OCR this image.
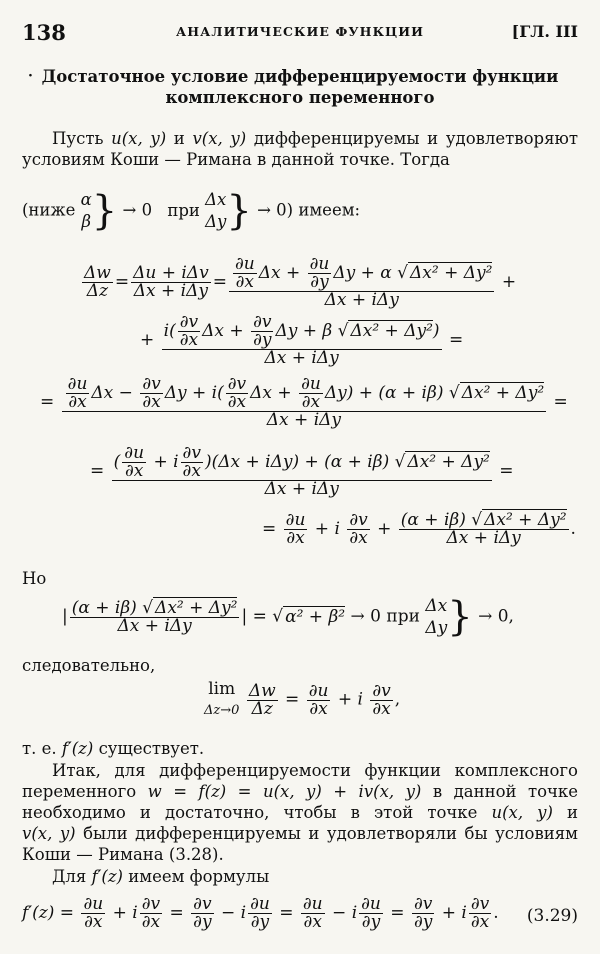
138	АНАЛИТИЧЕСКИЕ ФУНКЦИИ	[ГЛ. III
· Достаточное условие дифференцируемости функции
комплексного переменного
Пусть u(x, y) и v(x, y) дифференцируемы и удовлетворяют условиям Коши — Римана в данной точке. Тогда
(ниже
α
β } → 0 при
Δx
Δy } → 0) имеем:
$\frac{\Delta w}{\Delta z} = \frac{\text{Δu + iΔv}}{\text{Δx + iΔy}} = \frac{\frac{\partial u}{\partial x} \Delta x + \frac{\partial u}{\partial y} \Delta y + \alpha √ \Delta x^2 + \Delta y^2}{\text{Δx + iΔy}}$ +
+ $\frac{i( \frac{\partial v}{\partial x} \Delta x + \frac{\partial v}{\partial y} \Delta y + \beta √ \Delta x^2 + \Delta y^2)}{\text{Δx + iΔy}}$ =
= $\frac{\frac{\partial u}{\partial x} \Delta x - \frac{\partial v}{\partial x} \Delta y + i( \frac{\partial v}{\partial x} \Delta x + \frac{\partial u}{\partial x} \Delta y) + (\alpha + i\beta) √ \Delta x^2 + \Delta y^2}{\text{Δx + iΔy}}$ =
= $\frac{( \frac{\partial u}{\partial x} + i \frac{\partial v}{\partial x} )(\Delta x + i\Delta y) + (\alpha + i\beta) √ \Delta x^2 + \Delta y^2}{\text{Δx + iΔy}}$ =
= $\frac{\partial u}{\partial x} + i \frac{\partial v}{\partial x} + \frac{\text{(α + iβ) √ Δx² + Δy²}}{\text{Δx + iΔy}}$ .
Но
| $\frac{\text{(α + iβ) √ Δx² + Δy²}}{\text{Δx + iΔy}}$ | = √ α² + β² → 0 при
Δx
Δy } → 0,
следовательно,
lim
Δz→0
$\frac{\Delta w}{\Delta z} = \frac{\partial u}{\partial x} + i \frac{\partial v}{\partial x}$ ,
т. е. f′(z) существует.
Итак, для дифференцируемости функции комплексного
переменного w = f(z) = u(x, y) + iv(x, y) в данной точке
необходимо и достаточно, чтобы в этой точке u(x, y) и
v(x, y) были дифференцируемы и удовлетворяли бы условиям Коши — Римана (3.28).
Для f′(z) имеем формулы
$f'(z) = \frac{\partial u}{\partial x} + i \frac{\partial v}{\partial x} = \frac{\partial v}{\partial y} - i \frac{\partial u}{\partial y} = \frac{\partial u}{\partial x} - i \frac{\partial u}{\partial y} = \frac{\partial v}{\partial y} + i \frac{\partial v}{\partial x}$ . (3.29)
